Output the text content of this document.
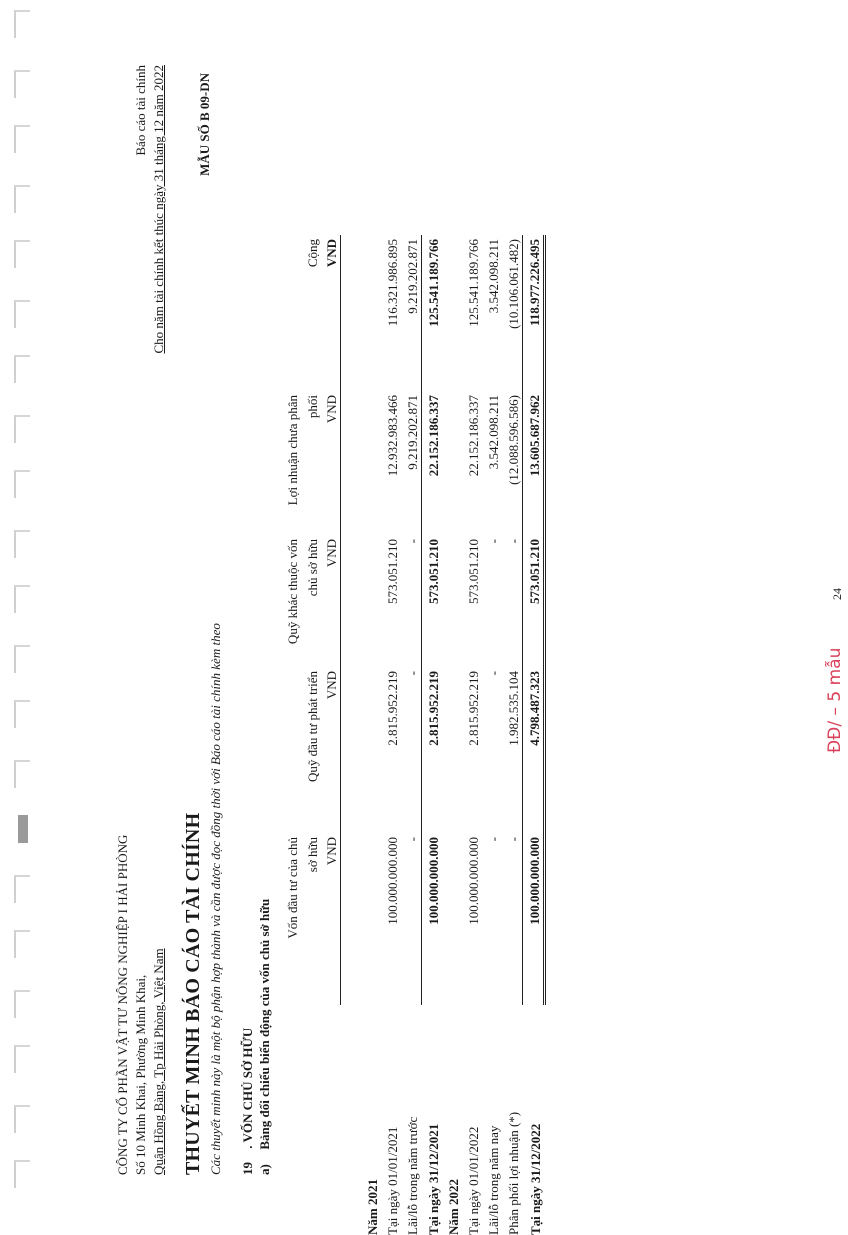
CÔNG TY CỔ PHẦN VẬT TƯ NÔNG NGHIỆP I HẢI PHÒNG Số 10 Minh Khai, Phường Minh Khai, Quận Hồng Bàng, Tp Hải Phòng, Việt Nam
Báo cáo tài chính Cho năm tài chính kết thúc ngày 31 tháng 12 năm 2022 MẪU SỐ B 09-DN
THUYẾT MINH BÁO CÁO TÀI CHÍNH Các thuyết minh này là một bộ phận hợp thành và cần được đọc đồng thời với Báo cáo tài chính kèm theo 19 . VỐN CHỦ SỞ HỮU
a)  Bảng đối chiếu biến động của vốn chủ sở hữu
	Vốn đầu tư của chủ		Quỹ khác thuộc vốn	Lợi nhuận chưa phân	
	sở hữu	Quỹ đầu tư phát triển	chủ sở hữu	phối	Cộng
	VND	VND	VND	VND	VND

Năm 2021					
Tại ngày 01/01/2021	100.000.000.000	2.815.952.219	573.051.210	12.932.983.466	116.321.986.895
Lãi/lỗ trong năm trước	-	-	-	9.219.202.871	9.219.202.871
Tại ngày 31/12/2021	100.000.000.000	2.815.952.219	573.051.210	22.152.186.337	125.541.189.766
Năm 2022					
Tại ngày 01/01/2022	100.000.000.000	2.815.952.219	573.051.210	22.152.186.337	125.541.189.766
Lãi/lỗ trong năm nay	-	-	-	3.542.098.211	3.542.098.211
Phân phối lợi nhuận (*)	-	1.982.535.104	-	(12.088.596.586)	(10.106.061.482)
Tại ngày 31/12/2022	100.000.000.000	4.798.487.323	573.051.210	13.605.687.962	118.977.226.495
ĐĐ/ – 5 mẫu
24
